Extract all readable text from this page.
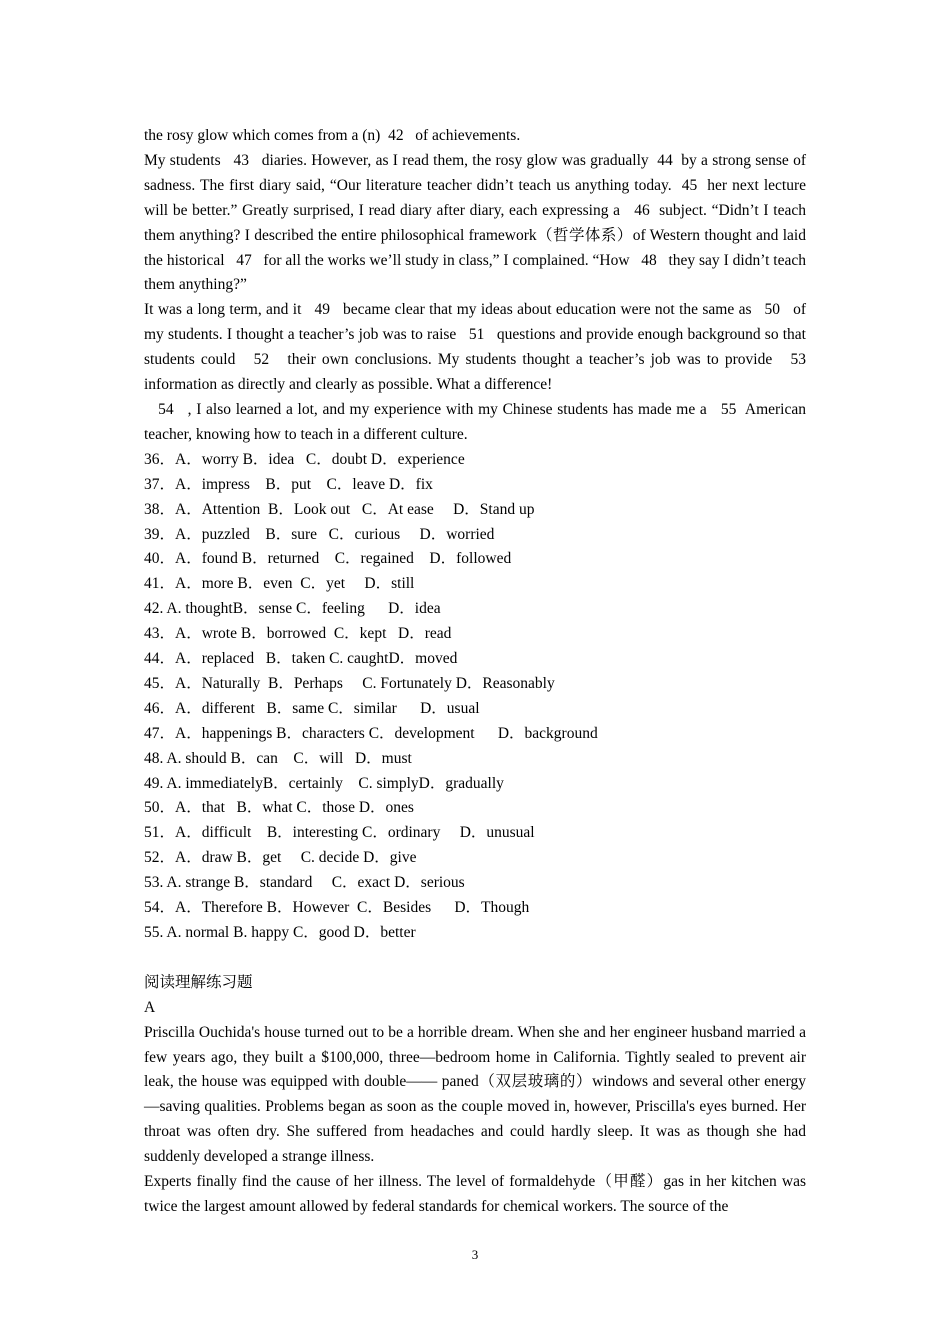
the rosy glow which comes from a (n)  42   of achievements.

My students   43   diaries. However, as I read them, the rosy glow was gradually  44  by a strong sense of sadness. The first diary said, “Our literature teacher didn’t teach us anything today.  45  her next lecture will be better.” Greatly surprised, I read diary after diary, each expressing a   46  subject. “Didn’t I teach them anything? I described the entire philosophical framework（哲学体系）of Western thought and laid the historical   47   for all the works we’ll study in class,” I complained. “How   48   they say I didn’t teach them anything?”

It was a long term, and it   49   became clear that my ideas about education were not the same as   50   of my students. I thought a teacher’s job was to raise   51   questions and provide enough background so that students could   52   their own conclusions. My students thought a teacher’s job was to provide   53   information as directly and clearly as possible. What a difference!

54   , I also learned a lot, and my experience with my Chinese students has made me a   55  American teacher, knowing how to teach in a different culture.

36．A．worry B．idea   C．doubt D．experience

37．A．impress    B．put    C．leave D．fix

38．A．Attention  B．Look out   C．At ease     D．Stand up

39．A．puzzled    B．sure   C．curious     D．worried

40．A．found B．returned    C．regained    D．followed

41．A．more B．even  C．yet     D．still

42. A. thoughtB．sense C．feeling      D．idea

43．A．wrote B．borrowed  C．kept   D．read

44．A．replaced   B．taken C. caughtD．moved

45．A．Naturally  B．Perhaps     C. Fortunately D．Reasonably

46．A．different   B．same C．similar      D．usual

47．A．happenings B．characters C．development      D．background

48. A. should B．can    C．will   D．must

49. A. immediatelyB．certainly    C. simplyD．gradually

50．A．that   B．what C．those D．ones

51．A．difficult    B．interesting C．ordinary     D．unusual

52．A．draw B．get     C. decide D．give

53. A. strange B．standard     C．exact D．serious

54．A．Therefore B．However  C．Besides      D．Though

55. A. normal B. happy C．good D．better

阅读理解练习题

A

Priscilla Ouchida's house turned out to be a horrible dream. When she and her engineer husband married a few years ago, they built a $100,000, three—bedroom home in California. Tightly sealed to prevent air leak, the house was equipped with double—— paned（双层玻璃的）windows and several other energy—saving qualities. Problems began as soon as the couple moved in, however, Priscilla's eyes burned. Her throat was often dry. She suffered from headaches and could hardly sleep. It was as though she had suddenly developed a strange illness.

Experts finally find the cause of her illness. The level of formaldehyde（甲醛）gas in her kitchen was twice the largest amount allowed by federal standards for chemical workers. The source of the

3
